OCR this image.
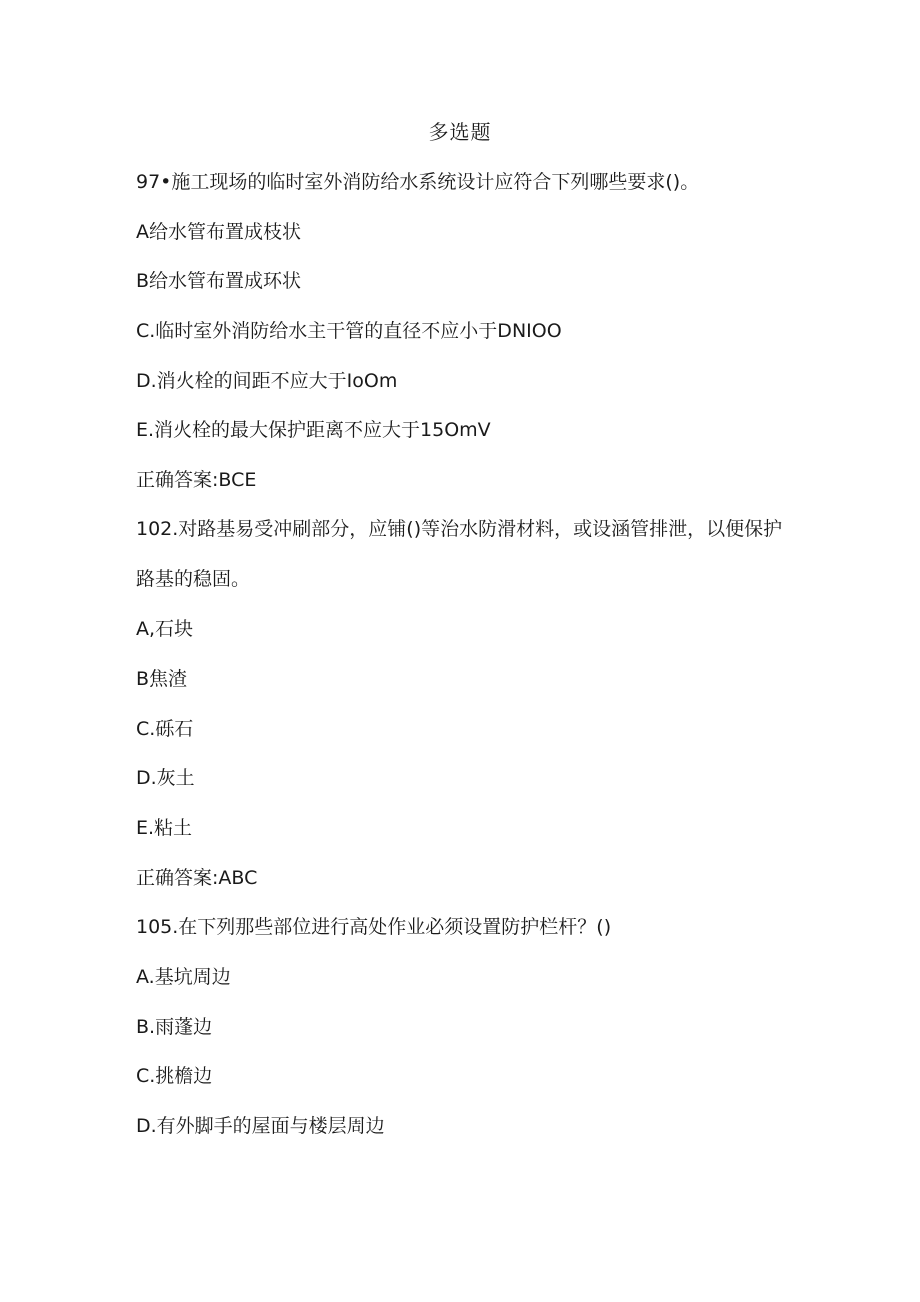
多选题
97•施工现场的临时室外消防给水系统设计应符合下列哪些要求()。
A给水管布置成枝状
B给水管布置成环状
C.临时室外消防给水主干管的直径不应小于DNIOO
D.消火栓的间距不应大于IoOm
E.消火栓的最大保护距离不应大于15OmV
正确答案:BCE
102.对路基易受冲刷部分，应铺()等治水防滑材料，或设涵管排泄，以便保护路基的稳固。
A,石块
B焦渣
C.砾石
D.灰土
E.粘土
正确答案:ABC
105.在下列那些部位进行高处作业必须设置防护栏杆？()
A.基坑周边
B.雨蓬边
C.挑檐边
D.有外脚手的屋面与楼层周边
